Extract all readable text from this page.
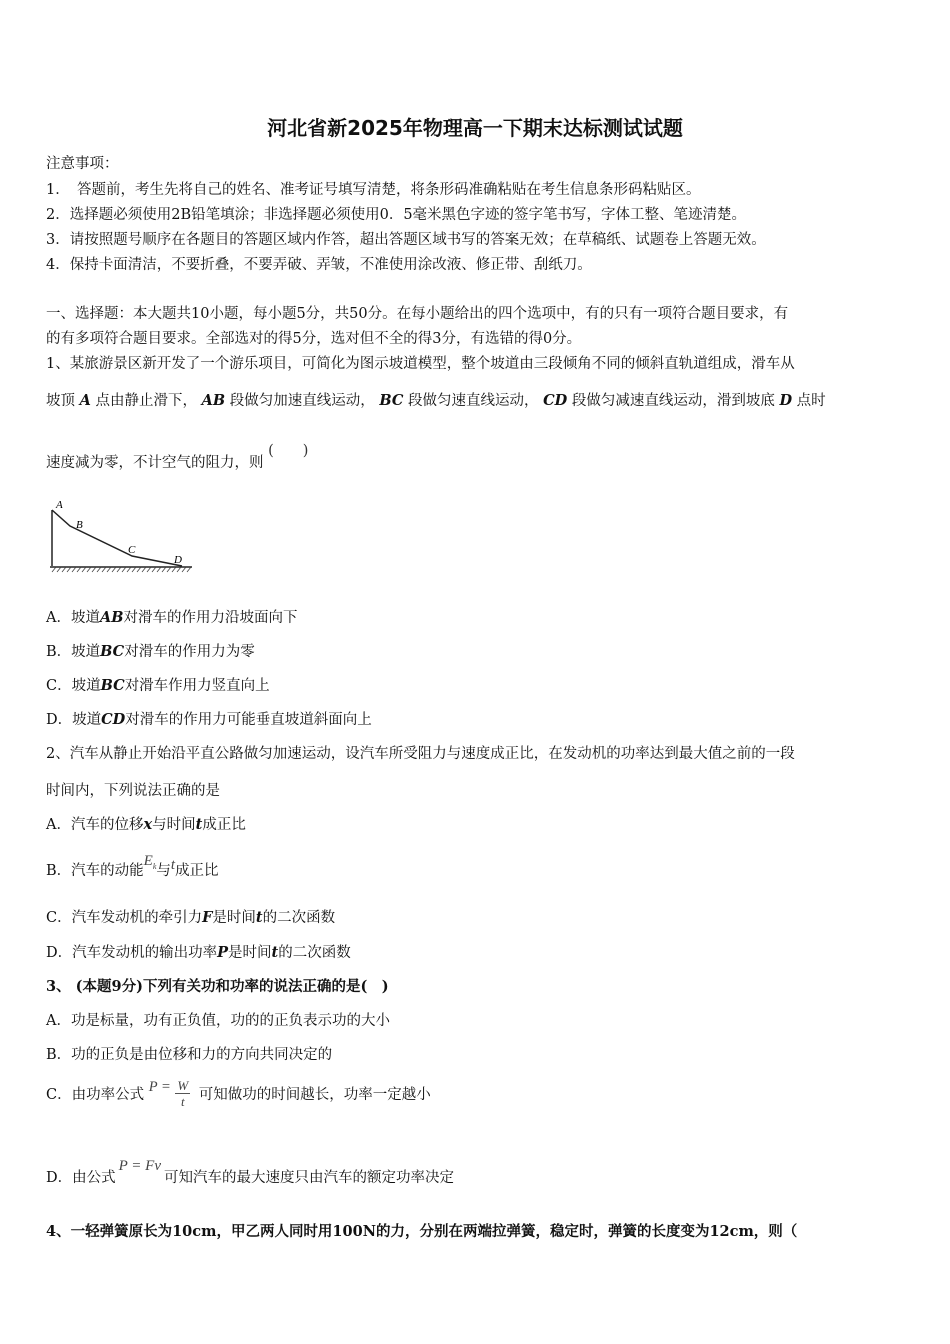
河北省新2025年物理高一下期末达标测试试题
注意事项：
1．　答题前，考生先将自己的姓名、准考证号填写清楚，将条形码准确粘贴在考生信息条形码粘贴区。
2．选择题必须使用2B铅笔填涂；非选择题必须使用0．5毫米黑色字迹的签字笔书写，字体工整、笔迹清楚。
3．请按照题号顺序在各题目的答题区域内作答，超出答题区域书写的答案无效；在草稿纸、试题卷上答题无效。
4．保持卡面清洁，不要折叠，不要弄破、弄皱，不准使用涂改液、修正带、刮纸刀。
一、选择题：本大题共10小题，每小题5分，共50分。在每小题给出的四个选项中，有的只有一项符合题目要求，有
的有多项符合题目要求。全部选对的得5分，选对但不全的得3分，有选错的得0分。
1、某旅游景区新开发了一个游乐项目，可简化为图示坡道模型，整个坡道由三段倾角不同的倾斜直轨道组成，滑车从
坡顶 A 点由静止滑下， AB 段做匀加速直线运动， BC 段做匀速直线运动， CD 段做匀减速直线运动，滑到坡底 D 点时
速度减为零，不计空气的阻力，则 (　　)
A
B
C
D
A．坡道AB对滑车的作用力沿坡面向下
B．坡道BC对滑车的作用力为零
C．坡道BC对滑车作用力竖直向上
D．坡道CD对滑车的作用力可能垂直坡道斜面向上
2、汽车从静止开始沿平直公路做匀加速运动，设汽车所受阻力与速度成正比，在发动机的功率达到最大值之前的一段
时间内，下列说法正确的是
A．汽车的位移x与时间t成正比
B．汽车的动能$E_k$与t成正比
C．汽车发动机的牵引力F是时间t的二次函数
D．汽车发动机的输出功率P是时间t的二次函数
3、 (本题9分)下列有关功和功率的说法正确的是(　)
A．功是标量，功有正负值，功的的正负表示功的大小
B．功的正负是由位移和力的方向共同决定的
C．由功率公式 $P = \frac{W}{t}$ 可知做功的时间越长，功率一定越小
D．由公式P = Fv可知汽车的最大速度只由汽车的额定功率决定
4、一轻弹簧原长为10cm，甲乙两人同时用100N的力，分别在两端拉弹簧，稳定时，弹簧的长度变为12cm，则（
